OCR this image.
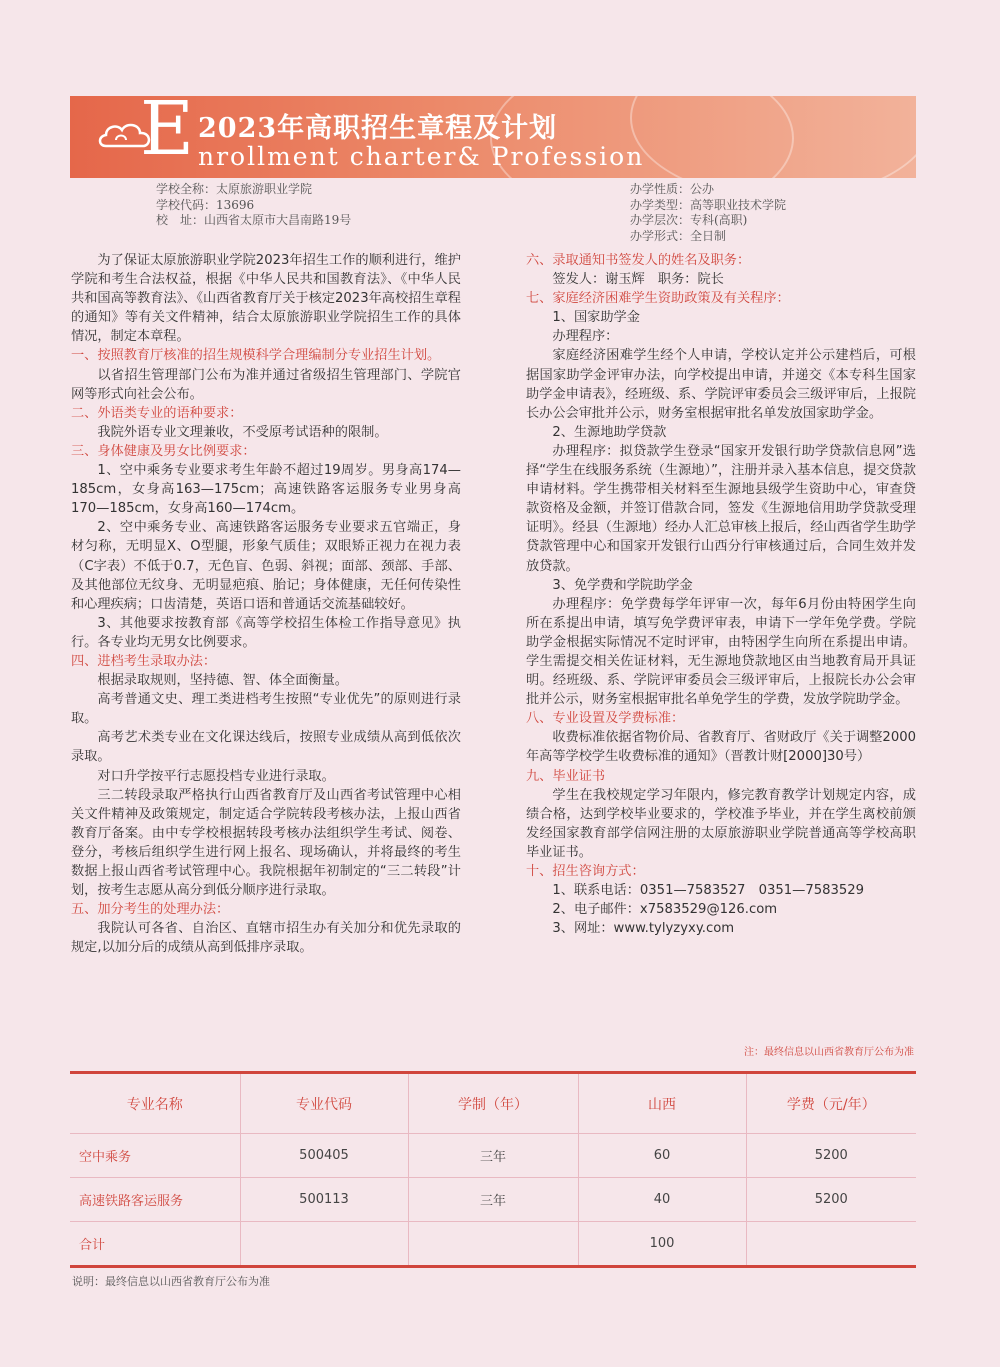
E 2023年高职招生章程及计划
nrollment charter& Profession
学校全称：太原旅游职业学院
学校代码：13696
校　址：山西省太原市大昌南路19号
办学性质：公办
办学类型：高等职业技术学院
办学层次：专科(高职)
办学形式：全日制

为了保证太原旅游职业学院2023年招生工作的顺利进行，维护学院和考生合法权益，根据《中华人民共和国教育法》、《中华人民共和国高等教育法》、《山西省教育厅关于核定2023年高校招生章程的通知》等有关文件精神，结合太原旅游职业学院招生工作的具体情况，制定本章程。

一、按照教育厅核准的招生规模科学合理编制分专业招生计划。

以省招生管理部门公布为准并通过省级招生管理部门、学院官网等形式向社会公布。

二、外语类专业的语种要求：

我院外语专业文理兼收，不受原考试语种的限制。

三、身体健康及男女比例要求：

1、空中乘务专业要求考生年龄不超过19周岁。男身高174—185cm，女身高163—175cm；高速铁路客运服务专业男身高170—185cm，女身高160—174cm。

2、空中乘务专业、高速铁路客运服务专业要求五官端正，身材匀称，无明显X、O型腿，形象气质佳；双眼矫正视力在视力表（C字表）不低于0.7，无色盲、色弱、斜视；面部、颈部、手部、及其他部位无纹身、无明显疤痕、胎记；身体健康，无任何传染性和心理疾病；口齿清楚，英语口语和普通话交流基础较好。

3、其他要求按教育部《高等学校招生体检工作指导意见》执行。各专业均无男女比例要求。

四、进档考生录取办法：

根据录取规则，坚持德、智、体全面衡量。

高考普通文史、理工类进档考生按照“专业优先”的原则进行录取。

高考艺术类专业在文化课达线后，按照专业成绩从高到低依次录取。

对口升学按平行志愿投档专业进行录取。

三二转段录取严格执行山西省教育厅及山西省考试管理中心相关文件精神及政策规定，制定适合学院转段考核办法，上报山西省教育厅备案。由中专学校根据转段考核办法组织学生考试、阅卷、登分，考核后组织学生进行网上报名、现场确认，并将最终的考生数据上报山西省考试管理中心。我院根据年初制定的“三二转段”计划，按考生志愿从高分到低分顺序进行录取。

五、加分考生的处理办法：

我院认可各省、自治区、直辖市招生办有关加分和优先录取的规定,以加分后的成绩从高到低排序录取。

六、录取通知书签发人的姓名及职务：

签发人：谢玉辉　职务：院长

七、家庭经济困难学生资助政策及有关程序：

1、国家助学金

办理程序：

家庭经济困难学生经个人申请，学校认定并公示建档后，可根据国家助学金评审办法，向学校提出申请，并递交《本专科生国家助学金申请表》，经班级、系、学院评审委员会三级评审后，上报院长办公会审批并公示，财务室根据审批名单发放国家助学金。

2、生源地助学贷款

办理程序：拟贷款学生登录“国家开发银行助学贷款信息网”选择“学生在线服务系统（生源地）”，注册并录入基本信息，提交贷款申请材料。学生携带相关材料至生源地县级学生资助中心，审查贷款资格及金额，并签订借款合同，签发《生源地信用助学贷款受理证明》。经县（生源地）经办人汇总审核上报后，经山西省学生助学贷款管理中心和国家开发银行山西分行审核通过后，合同生效并发放贷款。

3、免学费和学院助学金

办理程序：免学费每学年评审一次，每年6月份由特困学生向所在系提出申请，填写免学费评审表，申请下一学年免学费。学院助学金根据实际情况不定时评审，由特困学生向所在系提出申请。学生需提交相关佐证材料，无生源地贷款地区由当地教育局开具证明。经班级、系、学院评审委员会三级评审后，上报院长办公会审批并公示，财务室根据审批名单免学生的学费，发放学院助学金。

八、专业设置及学费标准：

收费标准依据省物价局、省教育厅、省财政厅《关于调整2000年高等学校学生收费标准的通知》（晋教计财[2000]30号）

九、毕业证书

学生在我校规定学习年限内，修完教育教学计划规定内容，成绩合格，达到学校毕业要求的，学校准予毕业，并在学生离校前颁发经国家教育部学信网注册的太原旅游职业学院普通高等学校高职毕业证书。

十、招生咨询方式：

1、联系电话：0351—7583527　0351—7583529

2、电子邮件：x7583529@126.com

3、网址：www.tylyzyxy.com

注：最终信息以山西省教育厅公布为准
专业名称	专业代码	学制（年）	山西	学费（元/年）
空中乘务	500405	三年	60	5200
高速铁路客运服务	500113	三年	40	5200
合计			100	
说明：最终信息以山西省教育厅公布为准
